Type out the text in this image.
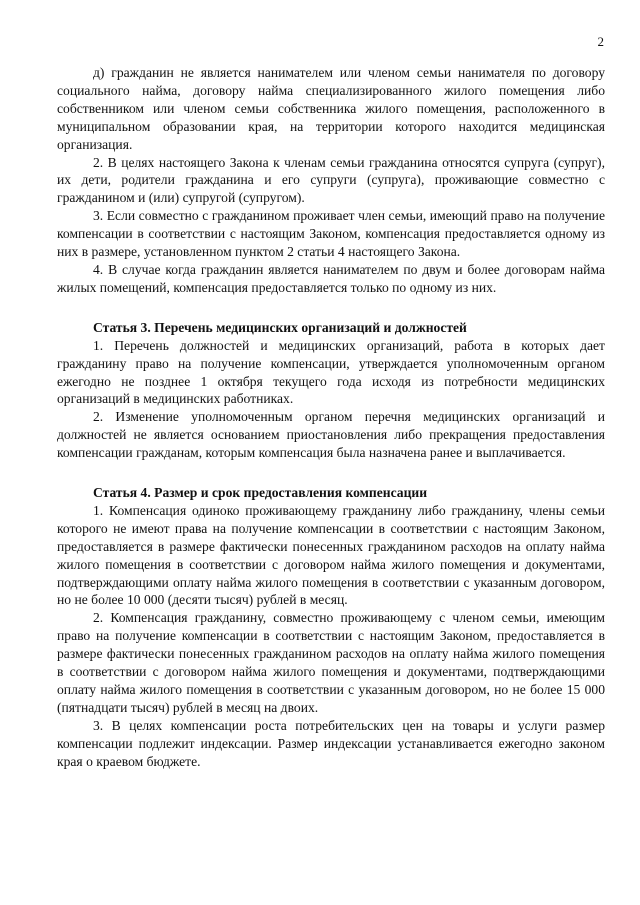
2

д) гражданин не является нанимателем или членом семьи нанимателя по договору социального найма, договору найма специализированного жилого помещения либо собственником или членом семьи собственника жилого помещения, расположенного в муниципальном образовании края, на территории которого находится медицинская организация.

2. В целях настоящего Закона к членам семьи гражданина относятся супруга (супруг), их дети, родители гражданина и его супруги (супруга), проживающие совместно с гражданином и (или) супругой (супругом).

3. Если совместно с гражданином проживает член семьи, имеющий право на получение компенсации в соответствии с настоящим Законом, компенсация предоставляется одному из них в размере, установленном пунктом 2 статьи 4 настоящего Закона.

4. В случае когда гражданин является нанимателем по двум и более договорам найма жилых помещений, компенсация предоставляется только по одному из них.

Статья 3. Перечень медицинских организаций и должностей

1. Перечень должностей и медицинских организаций, работа в которых дает гражданину право на получение компенсации, утверждается уполномоченным органом ежегодно не позднее 1 октября текущего года исходя из потребности медицинских организаций в медицинских работниках.

2. Изменение уполномоченным органом перечня медицинских организаций и должностей не является основанием приостановления либо прекращения предоставления компенсации гражданам, которым компенсация была назначена ранее и выплачивается.

Статья 4. Размер и срок предоставления компенсации

1. Компенсация одиноко проживающему гражданину либо гражданину, члены семьи которого не имеют права на получение компенсации в соответствии с настоящим Законом, предоставляется в размере фактически понесенных гражданином расходов на оплату найма жилого помещения в соответствии с договором найма жилого помещения и документами, подтверждающими оплату найма жилого помещения в соответствии с указанным договором, но не более 10 000 (десяти тысяч) рублей в месяц.

2. Компенсация гражданину, совместно проживающему с членом семьи, имеющим право на получение компенсации в соответствии с настоящим Законом, предоставляется в размере фактически понесенных гражданином расходов на оплату найма жилого помещения в соответствии с договором найма жилого помещения и документами, подтверждающими оплату найма жилого помещения в соответствии с указанным договором, но не более 15 000 (пятнадцати тысяч) рублей в месяц на двоих.

3. В целях компенсации роста потребительских цен на товары и услуги размер компенсации подлежит индексации. Размер индексации устанавливается ежегодно законом края о краевом бюджете.
